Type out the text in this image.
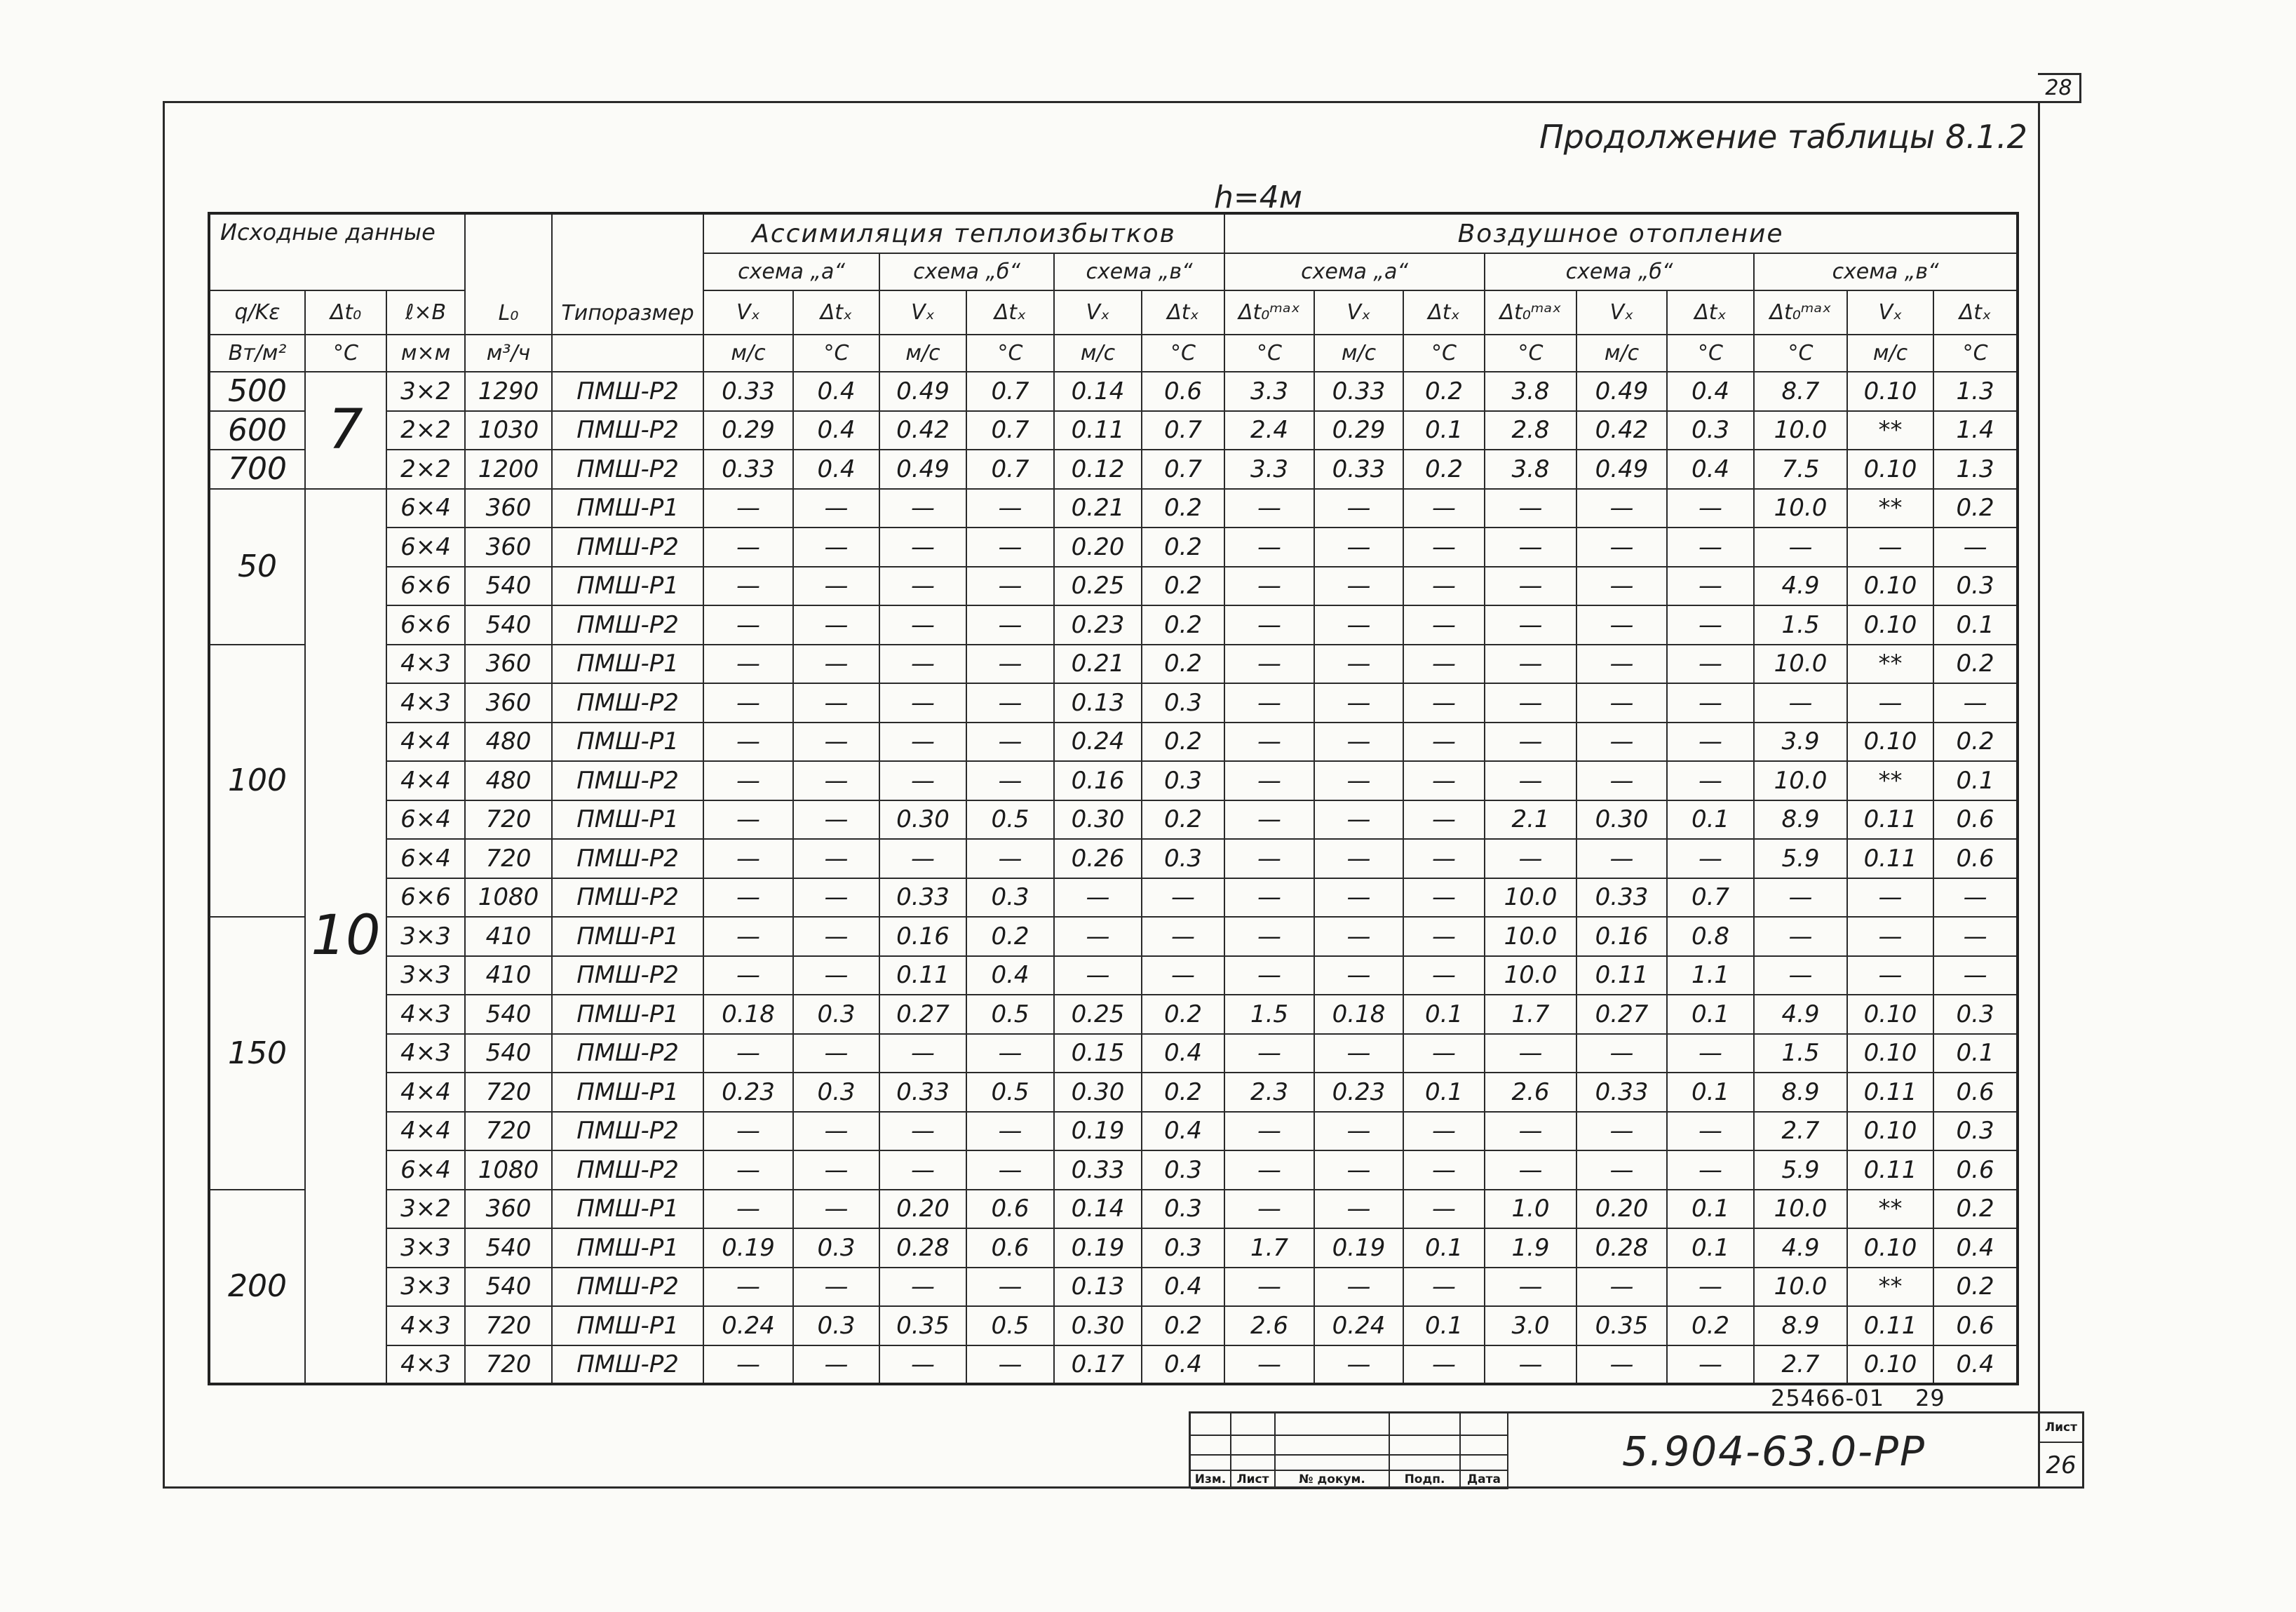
28
Продолжение таблицы 8.1.2
h=4м
Исходные данные			L₀	Типоразмер	Ассимиляция теплоизбытков						Воздушное отопление								
					схема „а“		схема „б“		схема „в“		схема „а“			схема „б“			схема „в“		
q/Kε	Δt₀	ℓ×B			Vₓ	Δtₓ	Vₓ	Δtₓ	Vₓ	Δtₓ	Δt₀ᵐᵃˣ	Vₓ	Δtₓ	Δt₀ᵐᵃˣ	Vₓ	Δtₓ	Δt₀ᵐᵃˣ	Vₓ	Δtₓ
Вт/м²	°С	м×м	м³/ч		м/с	°С	м/с	°С	м/с	°С	°С	м/с	°С	°С	м/с	°С	°С	м/с	°С
500	7	3×2	1290	ПМШ-Р2	0.33	0.4	0.49	0.7	0.14	0.6	3.3	0.33	0.2	3.8	0.49	0.4	8.7	0.10	1.3
600		2×2	1030	ПМШ-Р2	0.29	0.4	0.42	0.7	0.11	0.7	2.4	0.29	0.1	2.8	0.42	0.3	10.0	**	1.4
700		2×2	1200	ПМШ-Р2	0.33	0.4	0.49	0.7	0.12	0.7	3.3	0.33	0.2	3.8	0.49	0.4	7.5	0.10	1.3
50	10	6×4	360	ПМШ-Р1	—	—	—	—	0.21	0.2	—	—	—	—	—	—	10.0	**	0.2
		6×4	360	ПМШ-Р2	—	—	—	—	0.20	0.2	—	—	—	—	—	—	—	—	—
		6×6	540	ПМШ-Р1	—	—	—	—	0.25	0.2	—	—	—	—	—	—	4.9	0.10	0.3
		6×6	540	ПМШ-Р2	—	—	—	—	0.23	0.2	—	—	—	—	—	—	1.5	0.10	0.1
100		4×3	360	ПМШ-Р1	—	—	—	—	0.21	0.2	—	—	—	—	—	—	10.0	**	0.2
		4×3	360	ПМШ-Р2	—	—	—	—	0.13	0.3	—	—	—	—	—	—	—	—	—
		4×4	480	ПМШ-Р1	—	—	—	—	0.24	0.2	—	—	—	—	—	—	3.9	0.10	0.2
		4×4	480	ПМШ-Р2	—	—	—	—	0.16	0.3	—	—	—	—	—	—	10.0	**	0.1
		6×4	720	ПМШ-Р1	—	—	0.30	0.5	0.30	0.2	—	—	—	2.1	0.30	0.1	8.9	0.11	0.6
		6×4	720	ПМШ-Р2	—	—	—	—	0.26	0.3	—	—	—	—	—	—	5.9	0.11	0.6
		6×6	1080	ПМШ-Р2	—	—	0.33	0.3	—	—	—	—	—	10.0	0.33	0.7	—	—	—
150		3×3	410	ПМШ-Р1	—	—	0.16	0.2	—	—	—	—	—	10.0	0.16	0.8	—	—	—
		3×3	410	ПМШ-Р2	—	—	0.11	0.4	—	—	—	—	—	10.0	0.11	1.1	—	—	—
		4×3	540	ПМШ-Р1	0.18	0.3	0.27	0.5	0.25	0.2	1.5	0.18	0.1	1.7	0.27	0.1	4.9	0.10	0.3
		4×3	540	ПМШ-Р2	—	—	—	—	0.15	0.4	—	—	—	—	—	—	1.5	0.10	0.1
		4×4	720	ПМШ-Р1	0.23	0.3	0.33	0.5	0.30	0.2	2.3	0.23	0.1	2.6	0.33	0.1	8.9	0.11	0.6
		4×4	720	ПМШ-Р2	—	—	—	—	0.19	0.4	—	—	—	—	—	—	2.7	0.10	0.3
		6×4	1080	ПМШ-Р2	—	—	—	—	0.33	0.3	—	—	—	—	—	—	5.9	0.11	0.6
200		3×2	360	ПМШ-Р1	—	—	0.20	0.6	0.14	0.3	—	—	—	1.0	0.20	0.1	10.0	**	0.2
		3×3	540	ПМШ-Р1	0.19	0.3	0.28	0.6	0.19	0.3	1.7	0.19	0.1	1.9	0.28	0.1	4.9	0.10	0.4
		3×3	540	ПМШ-Р2	—	—	—	—	0.13	0.4	—	—	—	—	—	—	10.0	**	0.2
		4×3	720	ПМШ-Р1	0.24	0.3	0.35	0.5	0.30	0.2	2.6	0.24	0.1	3.0	0.35	0.2	8.9	0.11	0.6
		4×3	720	ПМШ-Р2	—	—	—	—	0.17	0.4	—	—	—	—	—	—	2.7	0.10	0.4
25466-01 29

Изм.	Лист	№ докум.	Подп.	Дата
5.904-63.0-РР	Лист
26
